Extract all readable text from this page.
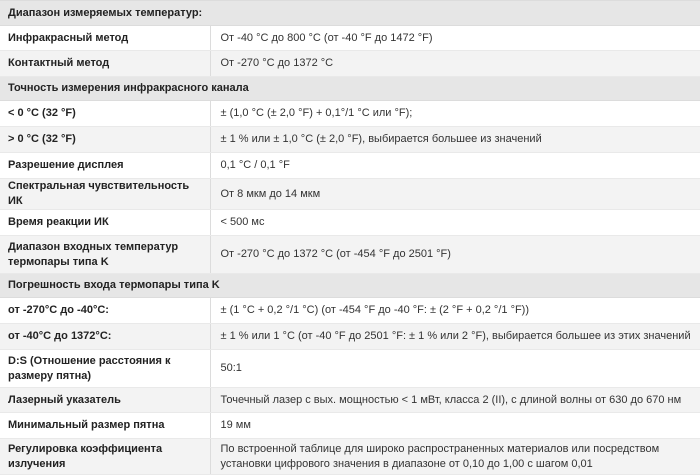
Диапазон измеряемых температур:	
Инфракрасный метод	От -40 °C до 800 °C (от -40 °F до 1472 °F)
Контактный метод	От -270 °C до 1372 °C
Точность измерения инфракрасного канала	
< 0 °C (32 °F)	± (1,0 °C (± 2,0 °F) + 0,1°/1 °C или °F);
> 0 °C (32 °F)	± 1 % или ± 1,0 °C (± 2,0 °F), выбирается большее из значений
Разрешение дисплея	0,1 °C / 0,1 °F
Спектральная чувствительность ИК	От 8 мкм до 14 мкм
Время реакции ИК	< 500 мс
Диапазон входных температур термопары типа K	От -270 °C до 1372 °C (от -454 °F до 2501 °F)
Погрешность входа термопары типа K	
от -270°C до -40°C:	± (1 °C + 0,2 °/1 °C) (от -454 °F до -40 °F: ± (2 °F + 0,2 °/1 °F))
от -40°C до 1372°C:	± 1 % или 1 °C (от -40 °F до 2501 °F: ± 1 % или 2 °F), выбирается большее из этих значений
D:S (Отношение расстояния к размеру пятна)	50:1
Лазерный указатель	Точечный лазер с вых. мощностью < 1 мВт, класса 2 (II), с длиной волны от 630 до 670 нм
Минимальный размер пятна	19 мм
Регулировка коэффициента излучения	По встроенной таблице для широко распространенных материалов или посредством установки цифрового значения в диапазоне от 0,10 до 1,00 с шагом 0,01
